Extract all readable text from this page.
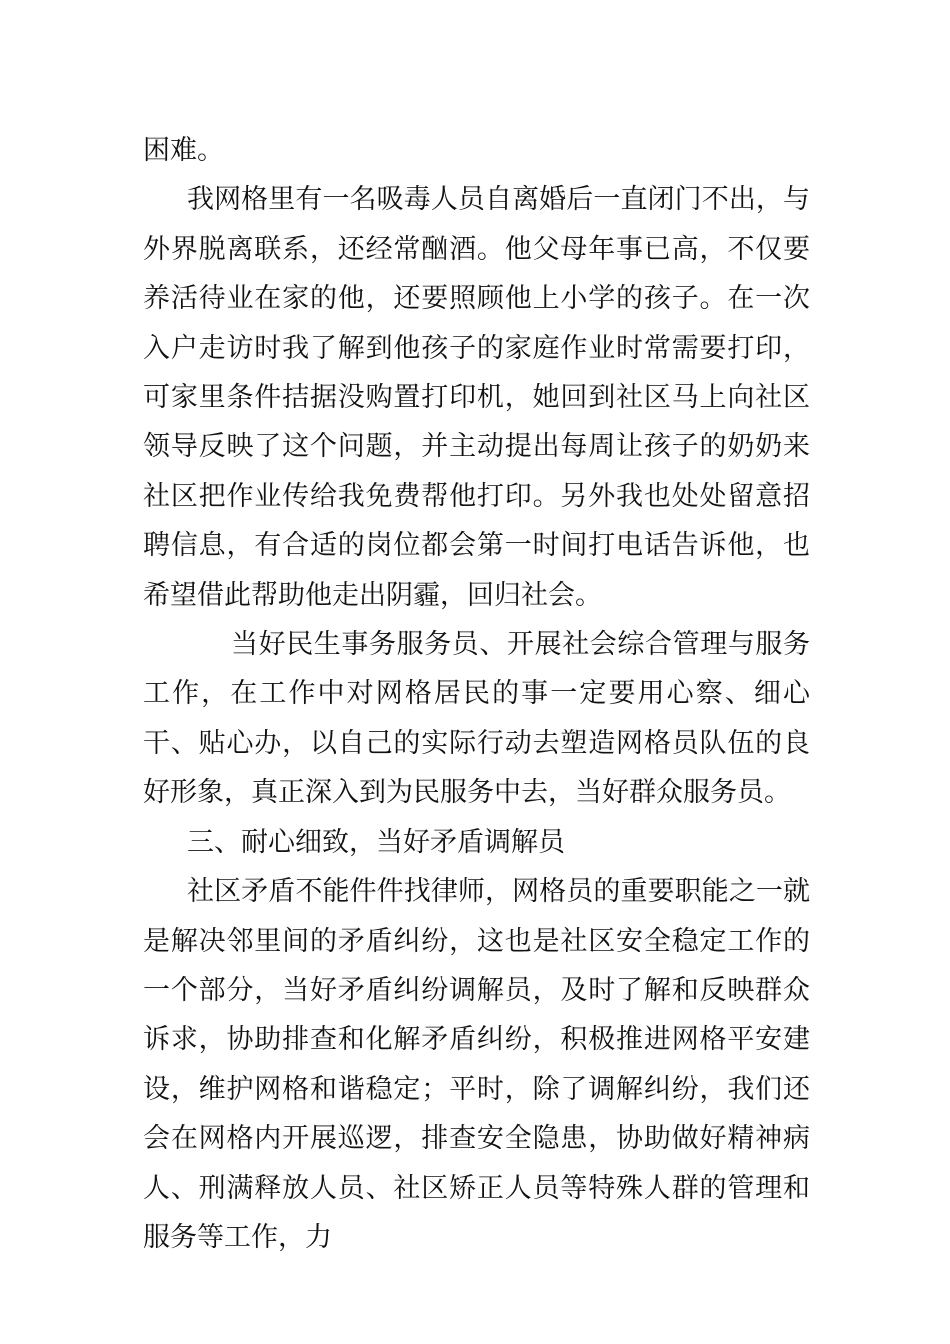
困难。

我网格里有一名吸毒人员自离婚后一直闭门不出，与外界脱离联系，还经常酗酒。他父母年事已高，不仅要养活待业在家的他，还要照顾他上小学的孩子。在一次入户走访时我了解到他孩子的家庭作业时常需要打印，可家里条件拮据没购置打印机，她回到社区马上向社区领导反映了这个问题，并主动提出每周让孩子的奶奶来社区把作业传给我免费帮他打印。另外我也处处留意招聘信息，有合适的岗位都会第一时间打电话告诉他，也希望借此帮助他走出阴霾，回归社会。

当好民生事务服务员、开展社会综合管理与服务工作，在工作中对网格居民的事一定要用心察、细心干、贴心办，以自己的实际行动去塑造网格员队伍的良好形象，真正深入到为民服务中去，当好群众服务员。

三、耐心细致，当好矛盾调解员

社区矛盾不能件件找律师，网格员的重要职能之一就是解决邻里间的矛盾纠纷，这也是社区安全稳定工作的一个部分，当好矛盾纠纷调解员，及时了解和反映群众诉求，协助排查和化解矛盾纠纷，积极推进网格平安建设，维护网格和谐稳定；平时，除了调解纠纷，我们还会在网格内开展巡逻，排查安全隐患，协助做好精神病人、刑满释放人员、社区矫正人员等特殊人群的管理和服务等工作，力
